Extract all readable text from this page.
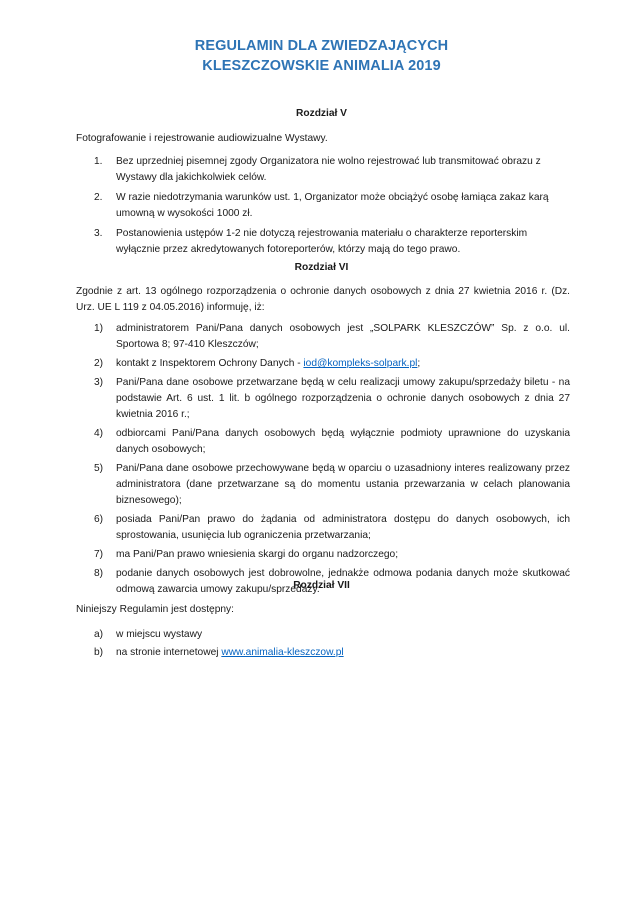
REGULAMIN DLA ZWIEDZAJĄCYCH
KLESZCZOWSKIE ANIMALIA 2019
Rozdział V
Fotografowanie i rejestrowanie audiowizualne Wystawy.
1. Bez uprzedniej pisemnej zgody Organizatora nie wolno rejestrować lub transmitować obrazu z Wystawy dla jakichkolwiek celów.
2. W razie niedotrzymania warunków ust. 1, Organizator może obciążyć osobę łamiąca zakaz karą umowną w wysokości 1000 zł.
3. Postanowienia ustępów 1-2 nie dotyczą rejestrowania materiału o charakterze reporterskim wyłącznie przez akredytowanych fotoreporterów, którzy mają do tego prawo.
Rozdział VI
Zgodnie z art. 13 ogólnego rozporządzenia o ochronie danych osobowych z dnia 27 kwietnia 2016 r. (Dz. Urz. UE L 119 z 04.05.2016) informuję, iż:
1) administratorem Pani/Pana danych osobowych jest „SOLPARK KLESZCZÓW” Sp. z o.o. ul. Sportowa 8; 97-410 Kleszczów;
2) kontakt z Inspektorem Ochrony Danych - iod@kompleks-solpark.pl;
3) Pani/Pana dane osobowe przetwarzane będą w celu realizacji umowy zakupu/sprzedaży biletu - na podstawie Art. 6 ust. 1 lit. b ogólnego rozporządzenia o ochronie danych osobowych z dnia 27 kwietnia 2016 r.;
4) odbiorcami Pani/Pana danych osobowych będą wyłącznie podmioty uprawnione do uzyskania danych osobowych;
5) Pani/Pana dane osobowe przechowywane będą w oparciu o uzasadniony interes realizowany przez administratora (dane przetwarzane są do momentu ustania przewarzania w celach planowania biznesowego);
6) posiada Pani/Pan prawo do żądania od administratora dostępu do danych osobowych, ich sprostowania, usunięcia lub ograniczenia przetwarzania;
7) ma Pani/Pan prawo wniesienia skargi do organu nadzorczego;
8) podanie danych osobowych jest dobrowolne, jednakże odmowa podania danych może skutkować odmową zawarcia umowy zakupu/sprzedaży.
Rozdział VII
Niniejszy Regulamin jest dostępny:
a) w miejscu wystawy
b) na stronie internetowej www.animalia-kleszczow.pl
